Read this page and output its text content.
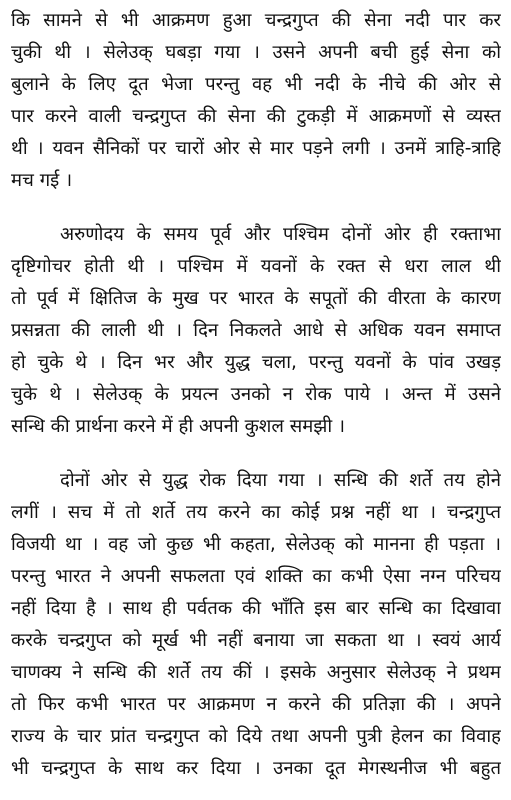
कि सामने से भी आक्रमण हुआ चन्द्रगुप्त की सेना नदी पार कर
चुकी थी । सेलेउक् घबड़ा गया । उसने अपनी बची हुई सेना को
बुलाने के लिए दूत भेजा परन्तु वह भी नदी के नीचे की ओर से
पार करने वाली चन्द्रगुप्त की सेना की टुकड़ी में आक्रमणों से व्यस्त
थी । यवन सैनिकों पर चारों ओर से मार पड़ने लगी । उनमें त्राहि-त्राहि
मच गई ।
अरुणोदय के समय पूर्व और पश्चिम दोनों ओर ही रक्ताभा
दृष्टिगोचर होती थी । पश्चिम में यवनों के रक्त से धरा लाल थी
तो पूर्व में क्षितिज के मुख पर भारत के सपूतों की वीरता के कारण
प्रसन्नता की लाली थी । दिन निकलते आधे से अधिक यवन समाप्त
हो चुके थे । दिन भर और युद्ध चला, परन्तु यवनों के पांव उखड़
चुके थे । सेलेउक् के प्रयत्न उनको न रोक पाये । अन्त में उसने
सन्धि की प्रार्थना करने में ही अपनी कुशल समझी ।
दोनों ओर से युद्ध रोक दिया गया । सन्धि की शर्ते तय होने
लगीं । सच में तो शर्ते तय करने का कोई प्रश्न नहीं था । चन्द्रगुप्त
विजयी था । वह जो कुछ भी कहता, सेलेउक् को मानना ही पड़ता ।
परन्तु भारत ने अपनी सफलता एवं शक्ति का कभी ऐसा नग्न परिचय
नहीं दिया है । साथ ही पर्वतक की भाँति इस बार सन्धि का दिखावा
करके चन्द्रगुप्त को मूर्ख भी नहीं बनाया जा सकता था । स्वयं आर्य
चाणक्य ने सन्धि की शर्ते तय कीं । इसके अनुसार सेलेउक् ने प्रथम
तो फिर कभी भारत पर आक्रमण न करने की प्रतिज्ञा की । अपने
राज्य के चार प्रांत चन्द्रगुप्त को दिये तथा अपनी पुत्री हेलन का विवाह
भी चन्द्रगुप्त के साथ कर दिया । उनका दूत मेगस्थनीज भी बहुत
